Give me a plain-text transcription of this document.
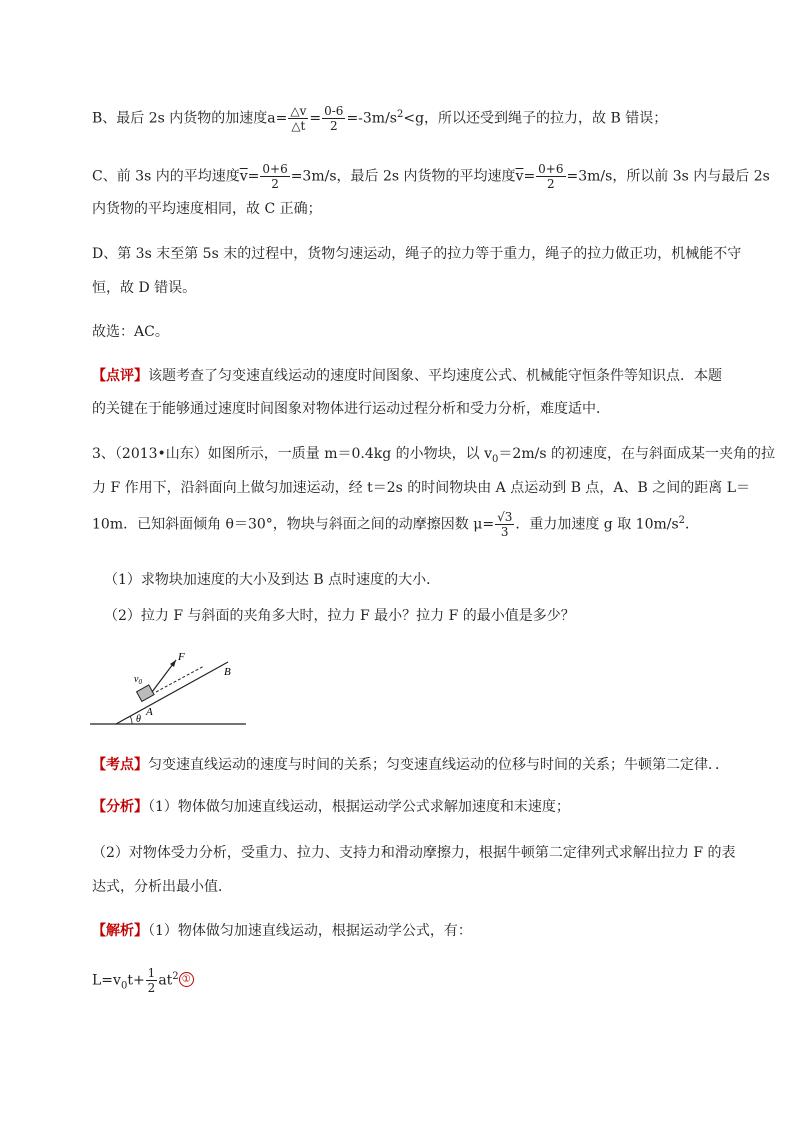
B、最后 2s 内货物的加速度$a= \frac{\triangle v}{\triangle t} = \frac{0-6}{2} =-3m/s^2<g$，所以还受到绳子的拉力，故 B 错误；
C、前 3s 内的平均速度$\overline{v}= \frac{0+6}{2} =3m/s$，最后 2s 内货物的平均速度$\overline{v}= \frac{0+6}{2} =3m/s$，所以前 3s 内与最后 2s
内货物的平均速度相同，故 C 正确；
D、第 3s 末至第 5s 末的过程中，货物匀速运动，绳子的拉力等于重力，绳子的拉力做正功，机械能不守
恒，故 D 错误。
故选：AC。
【点评】该题考查了匀变速直线运动的速度时间图象、平均速度公式、机械能守恒条件等知识点．本题
的关键在于能够通过速度时间图象对物体进行运动过程分析和受力分析，难度适中．
3、（2013•山东）如图所示，一质量 m＝0.4kg 的小物块，以 $v_0=2m/s$ 的初速度，在与斜面成某一夹角的拉
力 F 作用下，沿斜面向上做匀加速运动，经 t＝2s 的时间物块由 A 点运动到 B 点，A、B 之间的距离 L＝
10m．已知斜面倾角 θ＝30°，物块与斜面之间的动摩擦因数 $\mu= \frac{√3}{3}$ ．重力加速度 g 取 $10m/s^2$．
（1）求物块加速度的大小及到达 B 点时速度的大小．
（2）拉力 F 与斜面的夹角多大时，拉力 F 最小？拉力 F 的最小值是多少？
F
$v_0$
B
A
θ
【考点】匀变速直线运动的速度与时间的关系；匀变速直线运动的位移与时间的关系；牛顿第二定律．．
【分析】（1）物体做匀加速直线运动，根据运动学公式求解加速度和末速度；
（2）对物体受力分析，受重力、拉力、支持力和滑动摩擦力，根据牛顿第二定律列式求解出拉力 F 的表
达式，分析出最小值．
【解析】（1）物体做匀加速直线运动，根据运动学公式，有：
$L=v_0t+ \frac{1}{2} at^2$ ①
